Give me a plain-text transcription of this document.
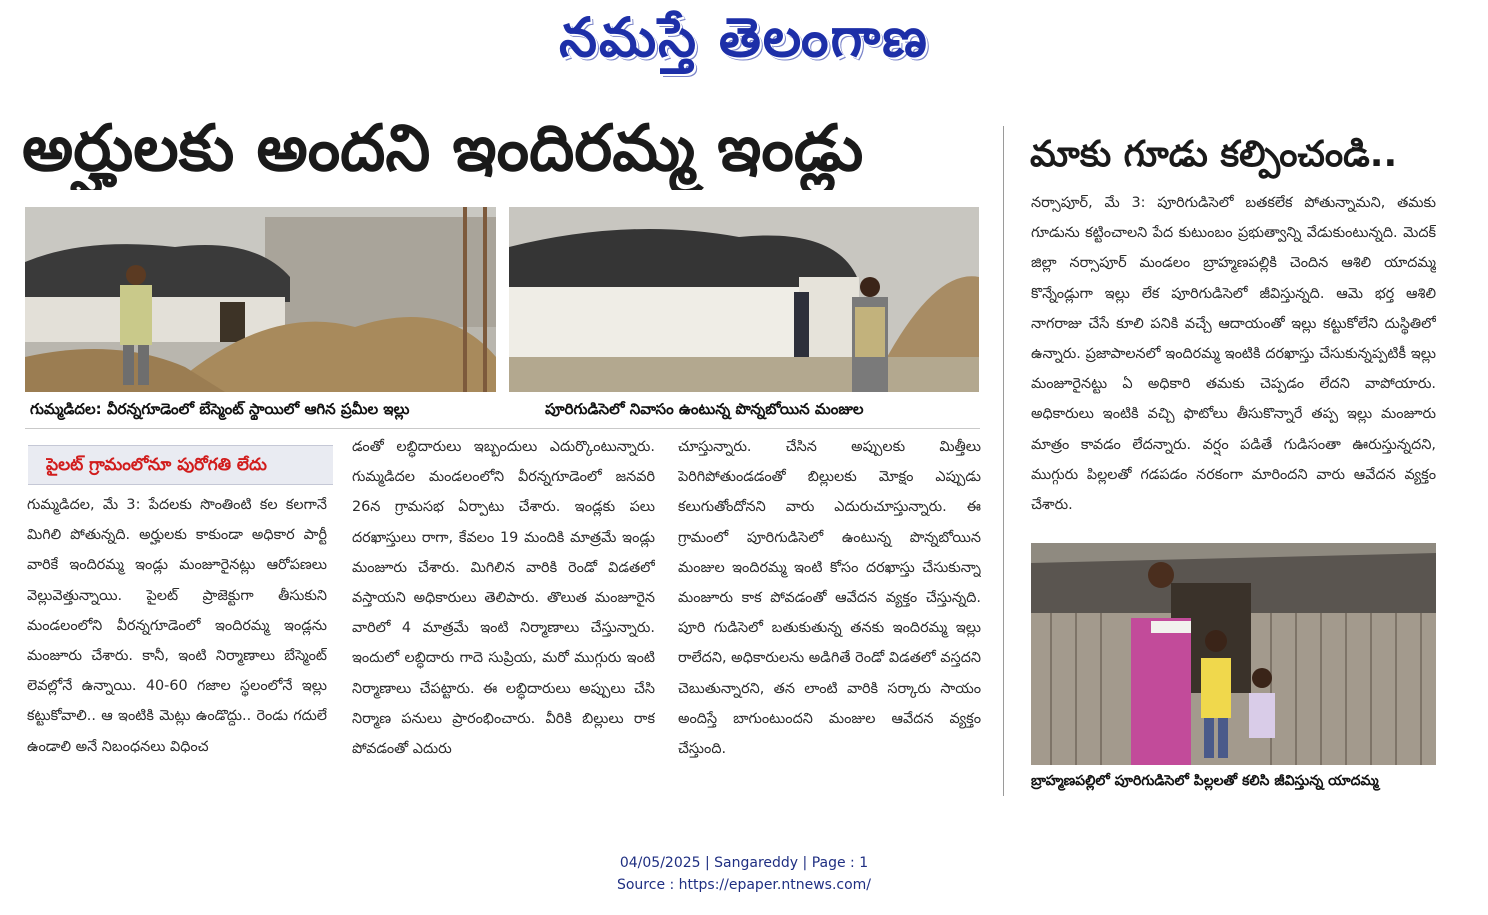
నమస్తే తెలంగాణ
అర్హులకు అందని ఇందిరమ్మ ఇండ్లు	మాకు గూడు కల్పించండి..
గుమ్మడిదల: వీరన్నగూడెంలో బేస్మెంట్ స్థాయిలో ఆగిన ప్రమీల ఇల్లు	పూరిగుడిసెలో నివాసం ఉంటున్న పొన్నబోయిన మంజుల
పైలట్ గ్రామంలోనూ పురోగతి లేదు

గుమ్మడిదల, మే 3: పేదలకు సొంతింటి కల కలగానే మిగిలి పోతున్నది. అర్హులకు కాకుండా అధికార పార్టీ వారికే ఇందిరమ్మ ఇండ్లు మంజూరైనట్లు ఆరోపణలు వెల్లువెత్తున్నాయి. పైలట్ ప్రాజెక్టుగా తీసుకుని మండలంలోని వీరన్నగూడెంలో ఇందిరమ్మ ఇండ్లను మంజూరు చేశారు. కానీ, ఇంటి నిర్మాణాలు బేస్మెంట్ లెవల్లోనే ఉన్నాయి. 40-60 గజాల స్థలంలోనే ఇల్లు కట్టుకోవాలి.. ఆ ఇంటికి మెట్లు ఉండొద్దు.. రెండు గదులే ఉండాలి అనే నిబంధనలు విధించ

డంతో లబ్ధిదారులు ఇబ్బందులు ఎదుర్కొంటున్నారు. గుమ్మడిదల మండలంలోని వీరన్నగూడెంలో జనవరి 26న గ్రామసభ ఏర్పాటు చేశారు. ఇండ్లకు పలు దరఖాస్తులు రాగా, కేవలం 19 మందికి మాత్రమే ఇండ్లు మంజూరు చేశారు. మిగిలిన వారికి రెండో విడతలో వస్తాయని అధికారులు తెలిపారు. తొలుత మంజూరైన వారిలో 4 మాత్రమే ఇంటి నిర్మాణాలు చేస్తున్నారు. ఇందులో లబ్ధిదారు గాదె సుప్రియ, మరో ముగ్గురు ఇంటి నిర్మాణాలు చేపట్టారు. ఈ లబ్ధిదారులు అప్పులు చేసి నిర్మాణ పనులు ప్రారంభించారు. వీరికి బిల్లులు రాక పోవడంతో ఎదురు

చూస్తున్నారు. చేసిన అప్పులకు మిత్తీలు పెరిగిపోతుండడంతో బిల్లులకు మోక్షం ఎప్పుడు కలుగుతోందోనని వారు ఎదురుచూస్తున్నారు. ఈ గ్రామంలో పూరిగుడిసెలో ఉంటున్న పొన్నబోయిన మంజుల ఇందిరమ్మ ఇంటి కోసం దరఖాస్తు చేసుకున్నా మంజూరు కాక పోవడంతో ఆవేదన వ్యక్తం చేస్తున్నది. పూరి గుడిసెలో బతుకుతున్న తనకు ఇందిరమ్మ ఇల్లు రాలేదని, అధికారులను అడిగితే రెండో విడతలో వస్తదని చెబుతున్నారని, తన లాంటి వారికి సర్కారు సాయం అందిస్తే బాగుంటుందని మంజుల ఆవేదన వ్యక్తం చేస్తుంది.

నర్సాపూర్, మే 3: పూరిగుడిసెలో బతకలేక పోతున్నామని, తమకు గూడును కట్టించాలని పేద కుటుంబం ప్రభుత్వాన్ని వేడుకుంటున్నది. మెదక్ జిల్లా నర్సాపూర్ మండలం బ్రాహ్మణపల్లికి చెందిన ఆశిలి యాదమ్మ కొన్నేండ్లుగా ఇల్లు లేక పూరిగుడిసెలో జీవిస్తున్నది. ఆమె భర్త ఆశిలి నాగరాజు చేసే కూలి పనికి వచ్చే ఆదాయంతో ఇల్లు కట్టుకోలేని దుస్థితిలో ఉన్నారు. ప్రజాపాలనలో ఇందిరమ్మ ఇంటికి దరఖాస్తు చేసుకున్నప్పటికీ ఇల్లు మంజూరైనట్టు ఏ అధికారి తమకు చెప్పడం లేదని వాపోయారు. అధికారులు ఇంటికి వచ్చి ఫొటోలు తీసుకొన్నారే తప్ప ఇల్లు మంజూరు మాత్రం కావడం లేదన్నారు. వర్షం పడితే గుడిసంతా ఊరుస్తున్నదని, ముగ్గురు పిల్లలతో గడపడం నరకంగా మారిందని వారు ఆవేదన వ్యక్తం చేశారు.

బ్రాహ్మణపల్లిలో పూరిగుడిసెలో పిల్లలతో కలిసి జీవిస్తున్న యాదమ్మ
04/05/2025 | Sangareddy | Page : 1
Source : https://epaper.ntnews.com/
